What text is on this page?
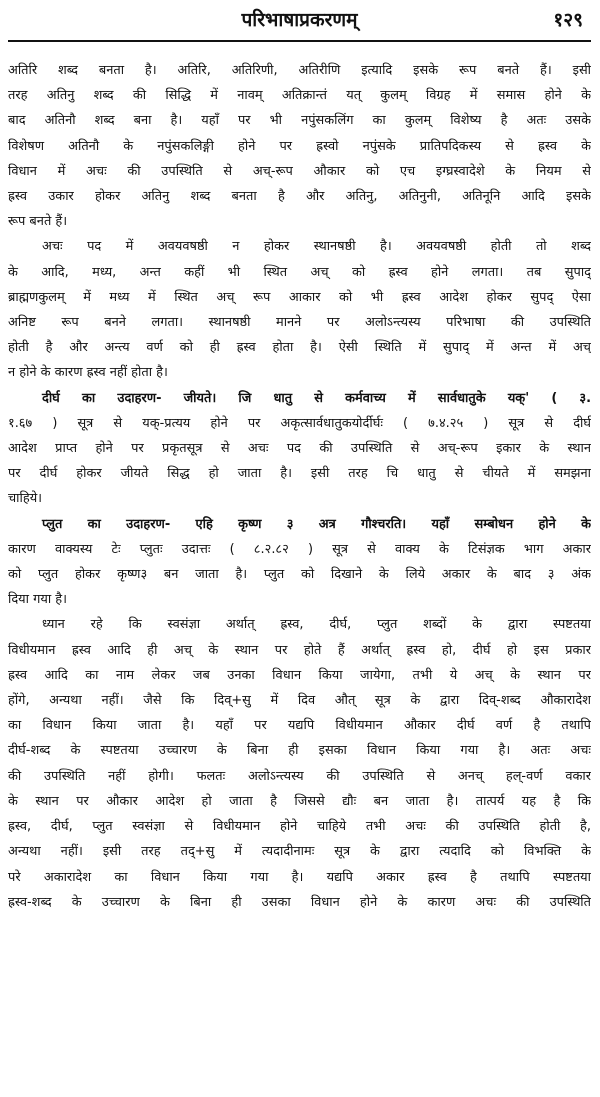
परिभाषाप्रकरणम्	१२९

अतिरि शब्द बनता है। अतिरि, अतिरिणी, अतिरीणि इत्यादि इसके रूप बनते हैं। इसी
तरह अतिनु शब्द की सिद्धि में नावम् अतिक्रान्तं यत् कुलम् विग्रह में समास होने के
बाद अतिनौ शब्द बना है। यहाँ पर भी नपुंसकलिंग का कुलम् विशेष्य है अतः उसके
विशेषण अतिनौ के नपुंसकलिङ्गी होने पर ह्रस्वो नपुंसके प्रातिपदिकस्य से ह्रस्व के
विधान में अचः की उपस्थिति से अच्-रूप औकार को एच इग्घ्रस्वादेशे के नियम से
ह्रस्व उकार होकर अतिनु शब्द बनता है और अतिनु, अतिनुनी, अतिनूनि आदि इसके
रूप बनते हैं।

अचः पद में अवयवषष्ठी न होकर स्थानषष्ठी है। अवयवषष्ठी होती तो शब्द
के आदि, मध्य, अन्त कहीं भी स्थित अच् को ह्रस्व होने लगता। तब सुपाद्
ब्राह्मणकुलम् में मध्य में स्थित अच् रूप आकार को भी ह्रस्व आदेश होकर सुपद् ऐसा
अनिष्ट रूप बनने लगता। स्थानषष्ठी मानने पर अलोऽन्त्यस्य परिभाषा की उपस्थिति
होती है और अन्त्य वर्ण को ही ह्रस्व होता है। ऐसी स्थिति में सुपाद् में अन्त में अच्
न होने के कारण ह्रस्व नहीं होता है।

दीर्घ का उदाहरण- जीयते। जि धातु से कर्मवाच्य में सार्वधातुके यक्' ( ३.
१.६७ ) सूत्र से यक्-प्रत्यय होने पर अकृत्सार्वधातुकयोर्दीर्घः ( ७.४.२५ ) सूत्र से दीर्घ
आदेश प्राप्त होने पर प्रकृतसूत्र से अचः पद की उपस्थिति से अच्-रूप इकार के स्थान
पर दीर्घ होकर जीयते सिद्ध हो जाता है। इसी तरह चि धातु से चीयते में समझना
चाहिये।

प्लुत का उदाहरण- एहि कृष्ण ३ अत्र गौश्चरति। यहाँ सम्बोधन होने के
कारण वाक्यस्य टेः प्लुतः उदात्तः ( ८.२.८२ ) सूत्र से वाक्य के टिसंज्ञक भाग अकार
को प्लुत होकर कृष्ण३ बन जाता है। प्लुत को दिखाने के लिये अकार के बाद ३ अंक
दिया गया है।

ध्यान रहे कि स्वसंज्ञा अर्थात् ह्रस्व, दीर्घ, प्लुत शब्दों के द्वारा स्पष्टतया
विधीयमान ह्रस्व आदि ही अच् के स्थान पर होते हैं अर्थात् ह्रस्व हो, दीर्घ हो इस प्रकार
ह्रस्व आदि का नाम लेकर जब उनका विधान किया जायेगा, तभी ये अच् के स्थान पर
होंगे, अन्यथा नहीं। जैसे कि दिव्+सु में दिव औत् सूत्र के द्वारा दिव्-शब्द औकारादेश
का विधान किया जाता है। यहाँ पर यद्यपि विधीयमान औकार दीर्घ वर्ण है तथापि
दीर्घ-शब्द के स्पष्टतया उच्चारण के बिना ही इसका विधान किया गया है। अतः अचः
की उपस्थिति नहीं होगी। फलतः अलोऽन्त्यस्य की उपस्थिति से अनच् हल्-वर्ण वकार
के स्थान पर औकार आदेश हो जाता है जिससे द्यौः बन जाता है। तात्पर्य यह है कि
ह्रस्व, दीर्घ, प्लुत स्वसंज्ञा से विधीयमान होने चाहिये तभी अचः की उपस्थिति होती है,
अन्यथा नहीं। इसी तरह तद्+सु में त्यदादीनामः सूत्र के द्वारा त्यदादि को विभक्ति के
परे अकारादेश का विधान किया गया है। यद्यपि अकार ह्रस्व है तथापि स्पष्टतया
ह्रस्व-शब्द के उच्चारण के बिना ही उसका विधान होने के कारण अचः की उपस्थिति
